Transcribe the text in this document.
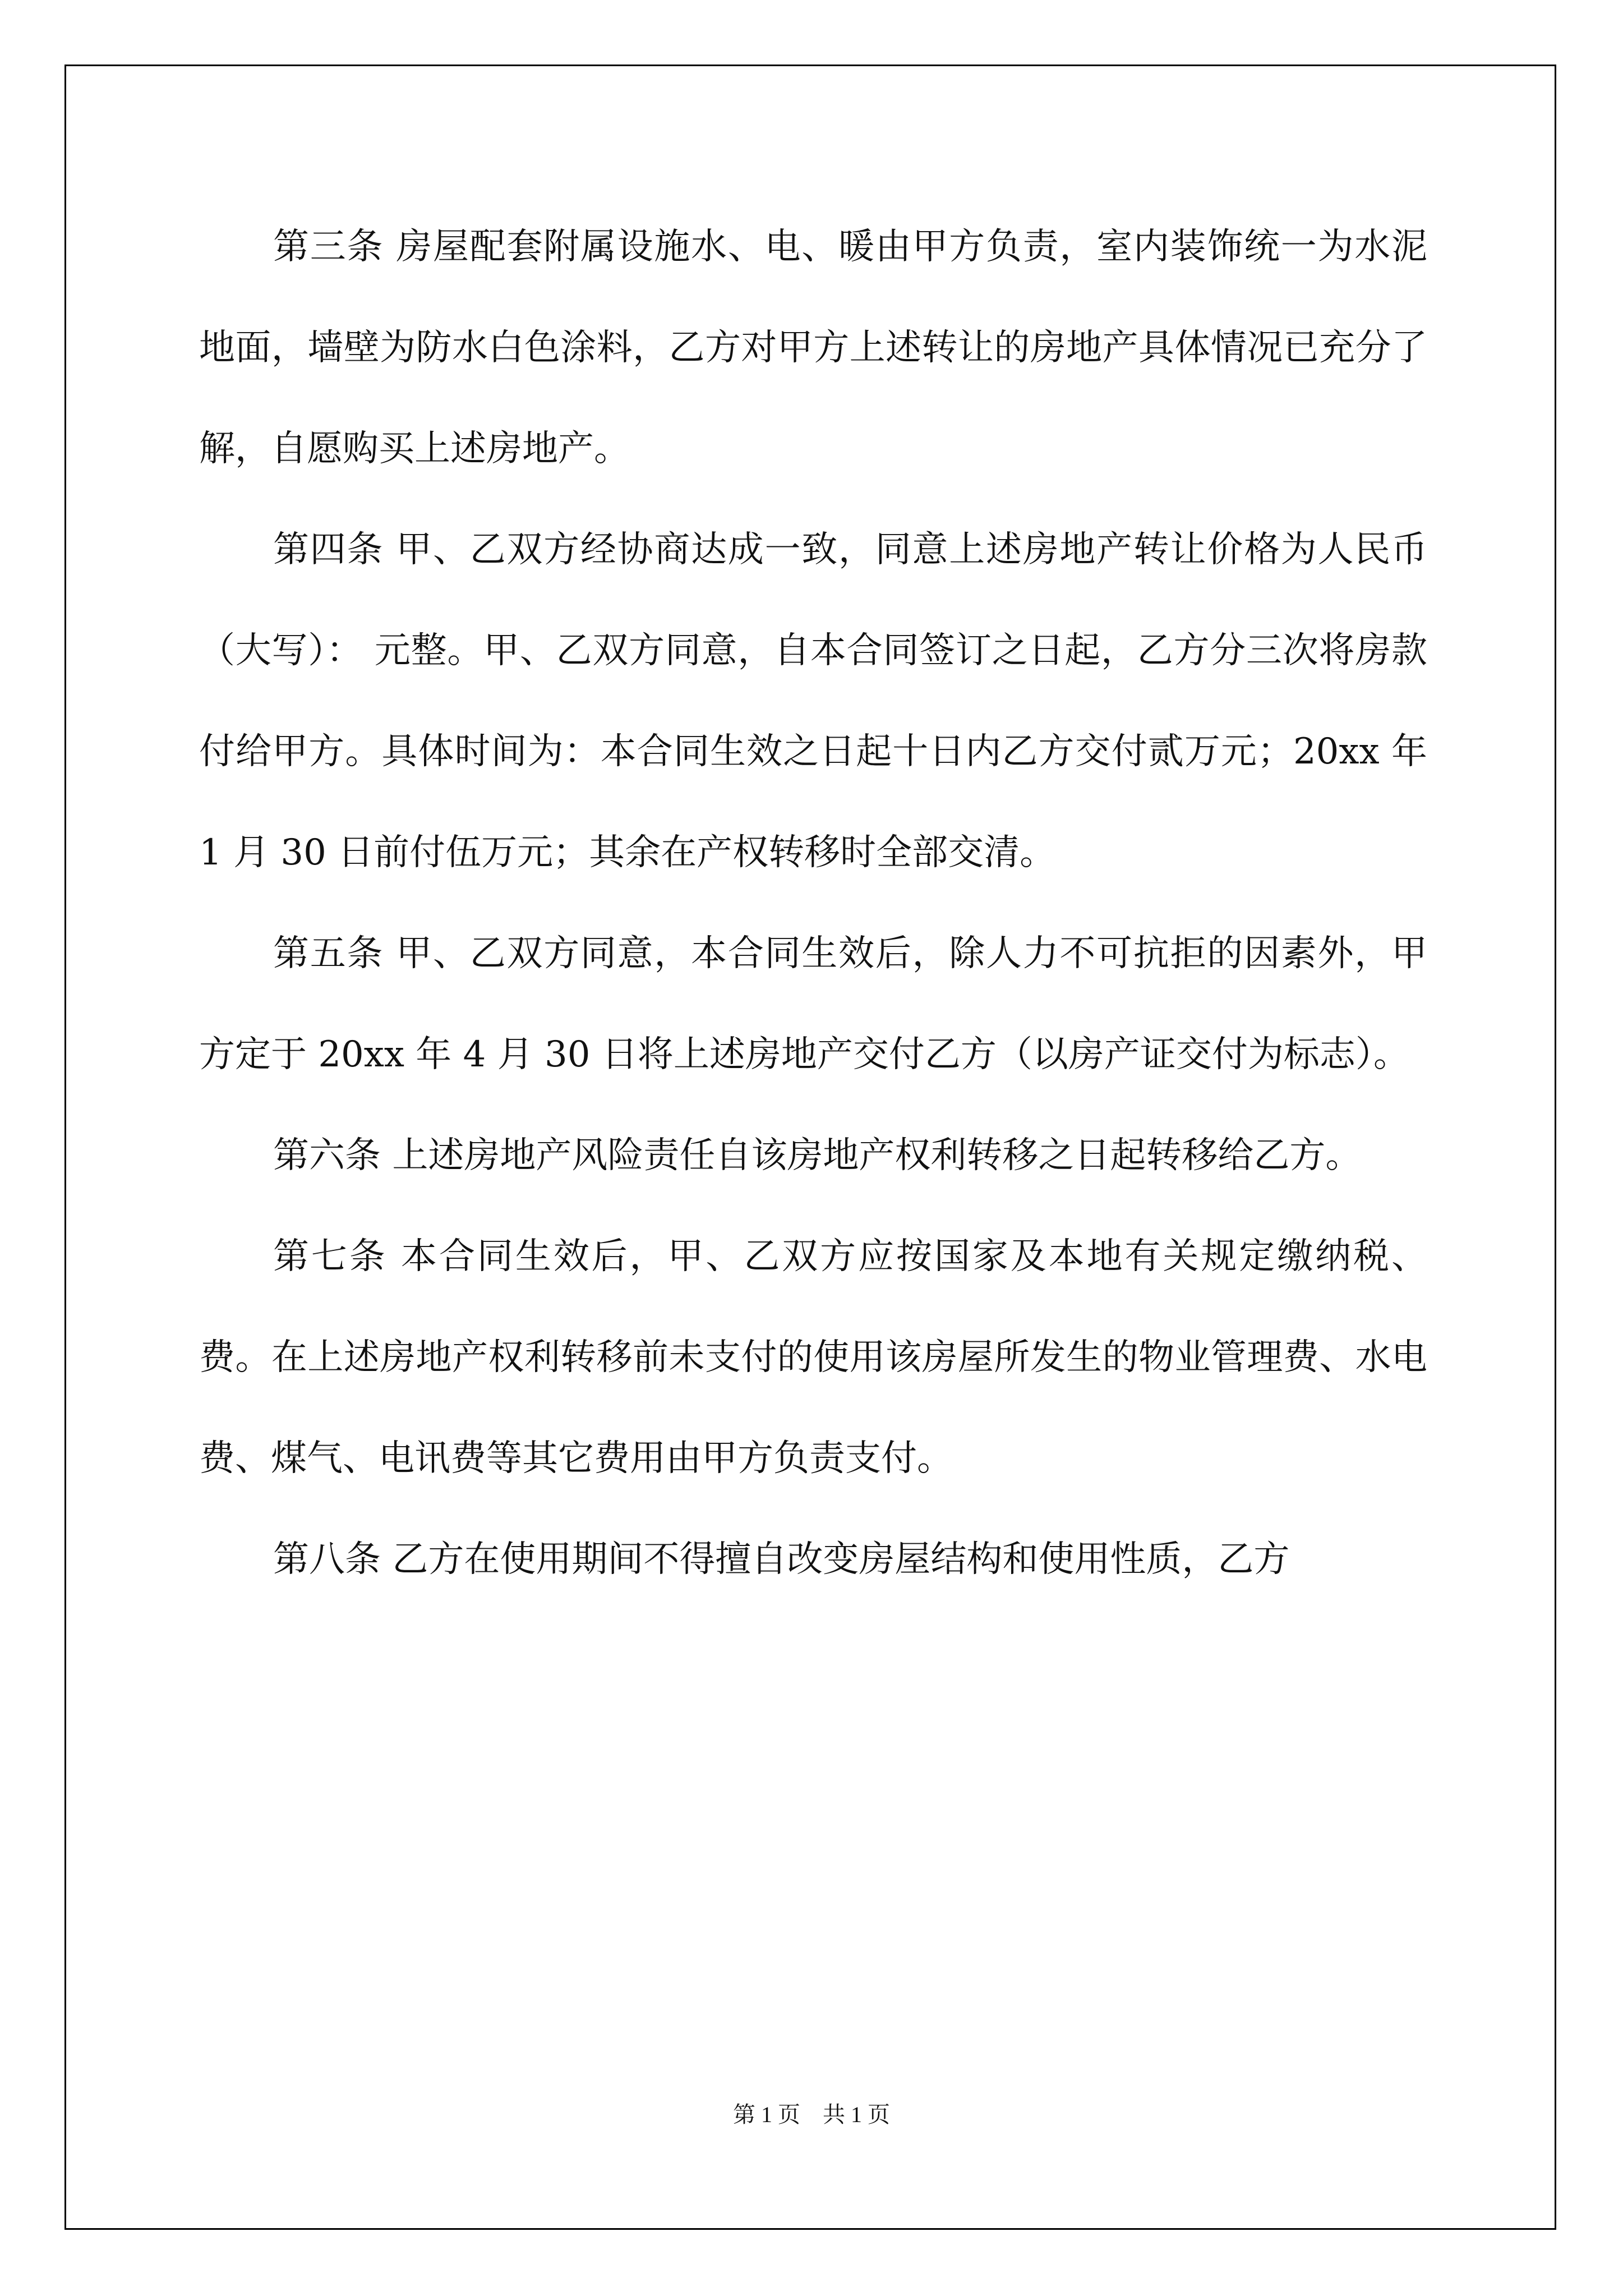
第三条 房屋配套附属设施水、电、暖由甲方负责，室内装饰统一为水泥地面，墙壁为防水白色涂料，乙方对甲方上述转让的房地产具体情况已充分了解，自愿购买上述房地产。

第四条 甲、乙双方经协商达成一致，同意上述房地产转让价格为人民币（大写）： 元整。甲、乙双方同意，自本合同签订之日起，乙方分三次将房款付给甲方。具体时间为：本合同生效之日起十日内乙方交付贰万元；20xx 年 1 月 30 日前付伍万元；其余在产权转移时全部交清。

第五条 甲、乙双方同意，本合同生效后，除人力不可抗拒的因素外，甲方定于 20xx 年 4 月 30 日将上述房地产交付乙方（以房产证交付为标志）。

第六条 上述房地产风险责任自该房地产权利转移之日起转移给乙方。

第七条 本合同生效后，甲、乙双方应按国家及本地有关规定缴纳税、费。在上述房地产权利转移前未支付的使用该房屋所发生的物业管理费、水电费、煤气、电讯费等其它费用由甲方负责支付。

第八条 乙方在使用期间不得擅自改变房屋结构和使用性质，乙方

第 1 页    共 1 页
